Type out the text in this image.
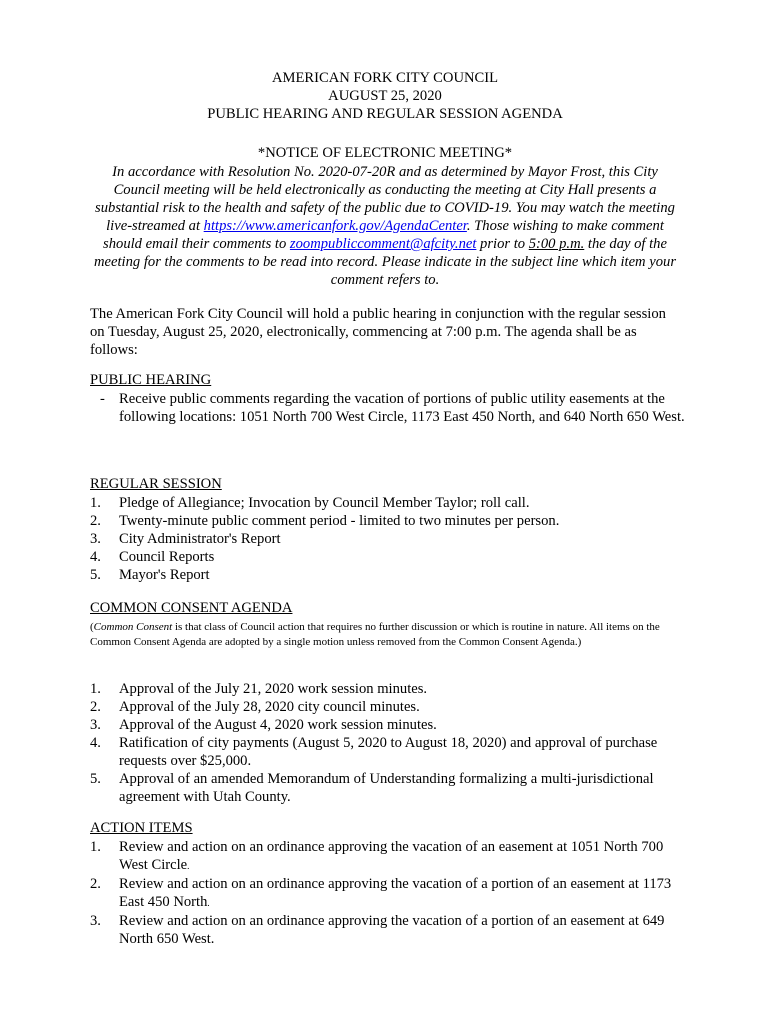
AMERICAN FORK CITY COUNCIL
AUGUST 25, 2020
PUBLIC HEARING AND REGULAR SESSION AGENDA
*NOTICE OF ELECTRONIC MEETING*
In accordance with Resolution No. 2020-07-20R and as determined by Mayor Frost, this City Council meeting will be held electronically as conducting the meeting at City Hall presents a substantial risk to the health and safety of the public due to COVID-19. You may watch the meeting live-streamed at https://www.americanfork.gov/AgendaCenter. Those wishing to make comment should email their comments to zoompubliccomment@afcity.net prior to 5:00 p.m. the day of the meeting for the comments to be read into record. Please indicate in the subject line which item your comment refers to.
The American Fork City Council will hold a public hearing in conjunction with the regular session on Tuesday, August 25, 2020, electronically, commencing at 7:00 p.m. The agenda shall be as follows:
PUBLIC HEARING
- Receive public comments regarding the vacation of portions of public utility easements at the following locations: 1051 North 700 West Circle, 1173 East 450 North, and 640 North 650 West.
REGULAR SESSION
1. Pledge of Allegiance; Invocation by Council Member Taylor; roll call.
2. Twenty-minute public comment period - limited to two minutes per person.
3. City Administrator's Report
4. Council Reports
5. Mayor's Report
COMMON CONSENT AGENDA
(Common Consent is that class of Council action that requires no further discussion or which is routine in nature. All items on the Common Consent Agenda are adopted by a single motion unless removed from the Common Consent Agenda.)
1. Approval of the July 21, 2020 work session minutes.
2. Approval of the July 28, 2020 city council minutes.
3. Approval of the August 4, 2020 work session minutes.
4. Ratification of city payments (August 5, 2020 to August 18, 2020) and approval of purchase requests over $25,000.
5. Approval of an amended Memorandum of Understanding formalizing a multi-jurisdictional agreement with Utah County.
ACTION ITEMS
1. Review and action on an ordinance approving the vacation of an easement at 1051 North 700 West Circle.
2. Review and action on an ordinance approving the vacation of a portion of an easement at 1173 East 450 North.
3. Review and action on an ordinance approving the vacation of a portion of an easement at 649 North 650 West.
